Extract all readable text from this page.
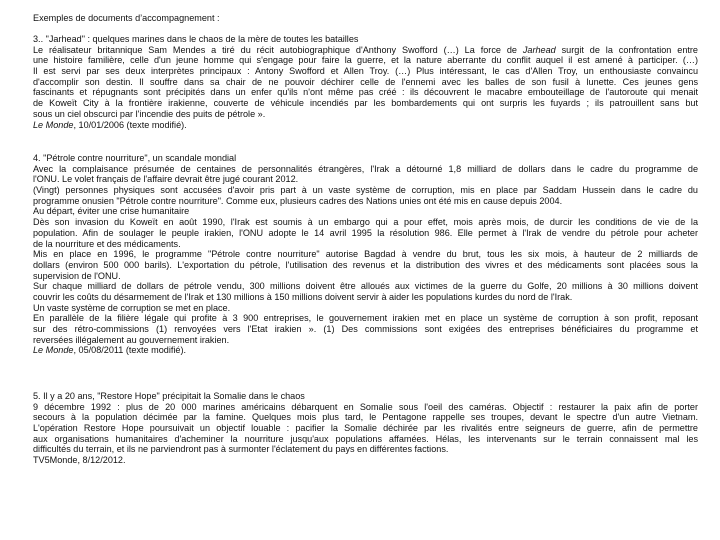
Exemples de documents d’accompagnement :
3.. "Jarhead" : quelques marines dans le chaos de la mère de toutes les batailles
Le réalisateur britannique Sam Mendes a tiré du récit autobiographique d'Anthony Swofford (…) La force de Jarhead surgit de la confrontation entre
une histoire familière, celle d'un jeune homme qui s'engage pour faire la guerre, et la nature aberrante du conflit auquel il est amené à participer. (…)
Il est servi par ses deux interprètes principaux : Antony Swofford et Allen Troy. (…) Plus intéressant, le cas d'Allen Troy, un enthousiaste convaincu
d'accomplir son destin. Il souffre dans sa chair de ne pouvoir déchirer celle de l'ennemi avec les balles de son fusil à lunette. Ces jeunes gens
fascinants et répugnants sont précipités dans un enfer qu'ils n'ont même pas créé : ils découvrent le macabre embouteillage de l'autoroute qui menait
de Koweït City à la frontière irakienne, couverte de véhicule incendiés par les bombardements qui ont surpris les fuyards ; ils patrouillent sans but
sous un ciel obscurci par l'incendie des puits de pétrole ».
Le Monde, 10/01/2006 (texte modifié).
4. "Pétrole contre nourriture", un scandale mondial
Avec la complaisance présumée de centaines de personnalités étrangères, l'Irak a détourné 1,8 milliard de dollars dans le cadre du programme de
l'ONU. Le volet français de l'affaire devrait être jugé courant 2012.
(Vingt) personnes physiques sont accusées d'avoir pris part à un vaste système de corruption, mis en place par Saddam Hussein dans le cadre du
programme onusien "Pétrole contre nourriture". Comme eux, plusieurs cadres des Nations unies ont été mis en cause depuis 2004.
Au départ, éviter une crise humanitaire
Dès son invasion du Koweït en août 1990, l'Irak est soumis à un embargo qui a pour effet, mois après mois, de durcir les conditions de vie de la
population. Afin de soulager le peuple irakien, l'ONU adopte le 14 avril 1995 la résolution 986. Elle permet à l'Irak de vendre du pétrole pour acheter
de la nourriture et des médicaments.
Mis en place en 1996, le programme "Pétrole contre nourriture" autorise Bagdad à vendre du brut, tous les six mois, à hauteur de 2 milliards de
dollars (environ 500 000 barils). L'exportation du pétrole, l'utilisation des revenus et la distribution des vivres et des médicaments sont placées sous la
supervision de l'ONU.
Sur chaque milliard de dollars de pétrole vendu, 300 millions doivent être alloués aux victimes de la guerre du Golfe, 20 millions à 30 millions doivent
couvrir les coûts du désarmement de l'Irak et 130 millions à 150 millions doivent servir à aider les populations kurdes du nord de l'Irak.
Un vaste système de corruption se met en place.
En parallèle de la filière légale qui profite à 3 900 entreprises, le gouvernement irakien met en place un système de corruption à son profit, reposant
sur des rétro-commissions (1) renvoyées vers l'Etat irakien ». (1) Des commissions sont exigées des entreprises bénéficiaires du programme et
reversées illégalement au gouvernement irakien.
Le Monde, 05/08/2011 (texte modifié).
5. Il y a 20 ans, "Restore Hope" précipitait la Somalie dans le chaos
9 décembre 1992 : plus de 20 000 marines américains débarquent en Somalie sous l'oeil des caméras. Objectif : restaurer la paix afin de porter
secours à la population décimée par la famine. Quelques mois plus tard, le Pentagone rappelle ses troupes, devant le spectre d'un autre Vietnam.
L'opération Restore Hope poursuivait un objectif louable : pacifier la Somalie déchirée par les rivalités entre seigneurs de guerre, afin de permettre
aux organisations humanitaires d'acheminer la nourriture jusqu'aux populations affamées. Hélas, les intervenants sur le terrain connaissent mal les
difficultés du terrain, et ils ne parviendront pas à surmonter l'éclatement du pays en différentes factions.
TV5Monde, 8/12/2012.
